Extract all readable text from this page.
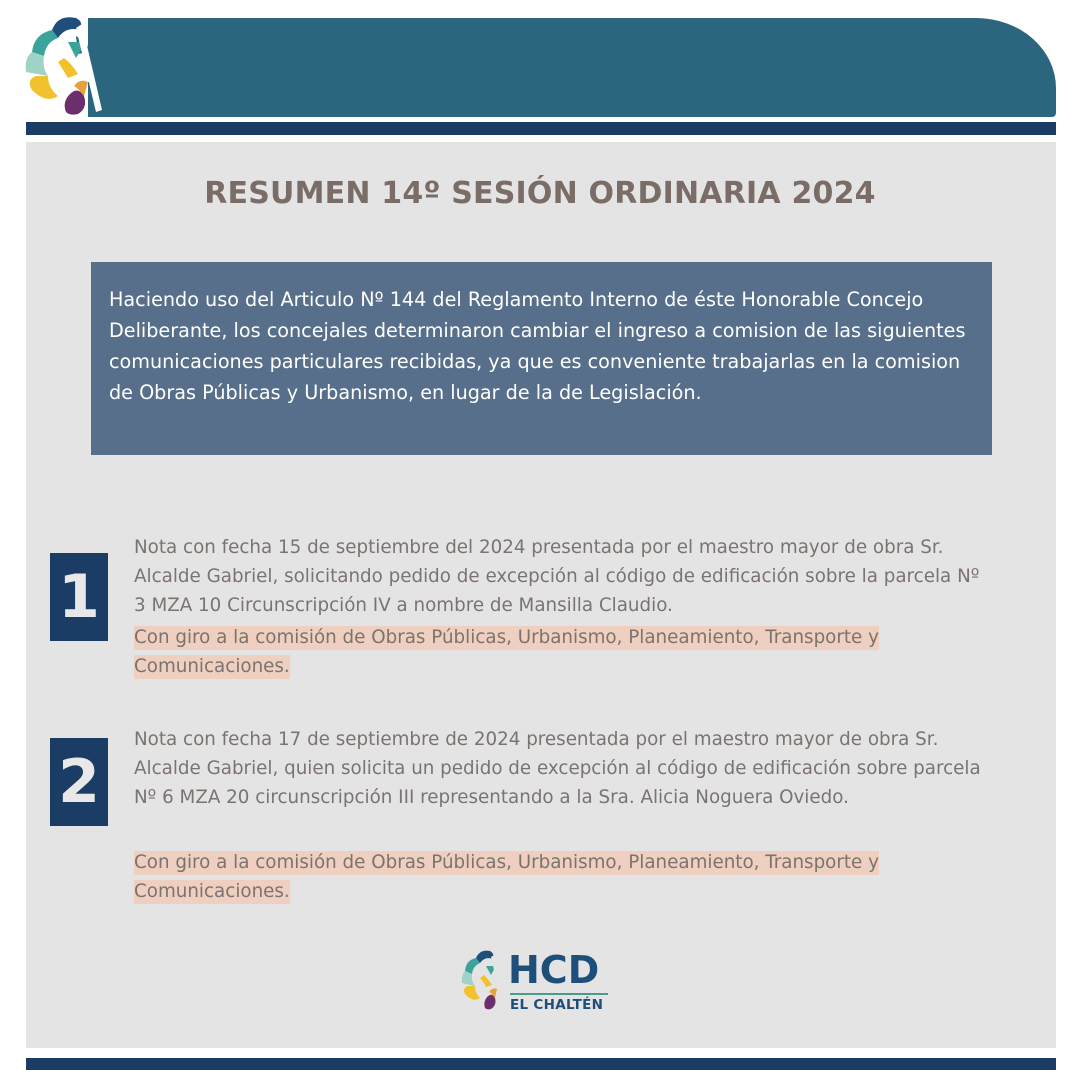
RESUMEN 14º SESIÓN ORDINARIA 2024

Haciendo uso del Articulo Nº 144 del Reglamento Interno de éste Honorable Concejo Deliberante, los concejales determinaron cambiar el ingreso a comision de las siguientes comunicaciones particulares recibidas, ya que es conveniente trabajarlas en la comision de Obras Públicas y Urbanismo, en lugar de la de Legislación.

1

Nota con fecha 15 de septiembre del 2024 presentada por el maestro mayor de obra Sr. Alcalde Gabriel, solicitando pedido de excepción al código de edificación sobre la parcela Nº 3 MZA 10 Circunscripción IV a nombre de Mansilla Claudio.

Con giro a la comisión de Obras Públicas, Urbanismo, Planeamiento, Transporte y Comunicaciones.

2

Nota con fecha 17 de septiembre de 2024 presentada por el maestro mayor de obra Sr. Alcalde Gabriel, quien solicita un pedido de excepción al código de edificación sobre parcela Nº 6 MZA 20 circunscripción III representando a la Sra. Alicia Noguera Oviedo.

Con giro a la comisión de Obras Públicas, Urbanismo, Planeamiento, Transporte y Comunicaciones.

HCD
EL CHALTÉN
